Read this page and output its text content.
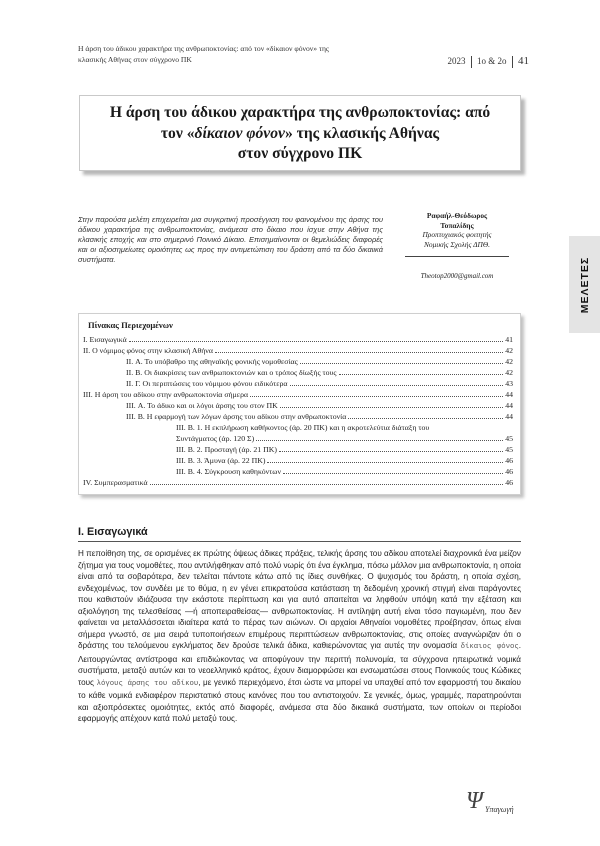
Η άρση του άδικου χαρακτήρα της ανθρωποκτονίας: από τον «δίκαιον φόνον» της κλασικής Αθήνας στον σύγχρονο ΠΚ	2023 1ο & 2ο 41
Η άρση του άδικου χαρακτήρα της ανθρωποκτονίας: από
τον «δίκαιον φόνον» της κλασικής Αθήνας
στον σύγχρονο ΠΚ
Στην παρούσα μελέτη επιχειρείται μια συγκριτική προσέγγιση του φαινομένου της άρσης του άδικου χαρακτήρα της ανθρωποκτονίας, ανάμεσα στο δίκαιο που ίσχυε στην Αθήνα της κλασικής εποχής και στο σημερινό Ποινικό Δίκαιο. Επισημαίνονται οι θεμελιώδεις διαφορές και οι αξιοσημείωτες ομοιότητες ως προς την αντιμετώπιση του δράστη από τα δύο δικαιικά συστήματα.
Ραφαήλ-Θεόδωρος
Τοπαλίδης
Προπτυχιακός φοιτητής
Νομικής Σχολής ΔΠΘ.
Theotop2000@gmail.com	ΜΕΛΕΤΕΣ
Πίνακας Περιεχομένων
I. Εισαγωγικά	41
II. Ο νόμιμος φόνος στην κλασική Αθήνα	42
II. Α. Το υπόβαθρο της αθηναϊκής φονικής νομοθεσίας	42
II. Β. Οι διακρίσεις των ανθρωποκτονιών και ο τρόπος δίωξής τους	42
II. Γ. Οι περιπτώσεις του νόμιμου φόνου ειδικότερα	43
III. Η άρση του αδίκου στην ανθρωποκτονία σήμερα	44
III. Α. Το άδικο και οι λόγοι άρσης του στον ΠΚ	44
III. Β. Η εφαρμογή των λόγων άρσης του αδίκου στην ανθρωποκτονία	44
III. Β. 1. Η εκπλήρωση καθήκοντος (άρ. 20 ΠΚ) και η ακροτελεύτια διάταξη του
Συντάγματος (άρ. 120 Σ)	45
III. Β. 2. Προσταγή (άρ. 21 ΠΚ)	45
III. Β. 3. Άμυνα (άρ. 22 ΠΚ)	46
III. Β. 4. Σύγκρουση καθηκόντων	46
IV. Συμπερασματικά	46
I. Εισαγωγικά
Η πεποίθηση της, σε ορισμένες εκ πρώτης όψεως άδικες πράξεις, τελικής άρσης του αδίκου αποτελεί διαχρονικά ένα μείζον ζήτημα για τους νομοθέτες, που αντιλήφθηκαν από πολύ νωρίς ότι ένα έγκλημα, πόσω μάλλον μια ανθρωποκτονία, η οποία είναι από τα σοβαρότερα, δεν τελείται πάντοτε κάτω από τις ίδιες συνθήκες. Ο ψυχισμός του δράστη, η οποία σχέση, ενδεχομένως, τον συνδέει με το θύμα, η εν γένει επικρατούσα κατάσταση τη δεδομένη χρονική στιγμή είναι παράγοντες που καθιστούν ιδιάζουσα την εκάστοτε περίπτωση και για αυτό απαιτείται να ληφθούν υπόψη κατά την εξέταση και αξιολόγηση της τελεσθείσας —ή αποπειραθείσας— ανθρωποκτονίας. Η αντίληψη αυτή είναι τόσο παγιωμένη, που δεν φαίνεται να μεταλλάσσεται ιδιαίτερα κατά το πέρας των αιώνων. Οι αρχαίοι Αθηναίοι νομοθέτες προέβησαν, όπως είναι σήμερα γνωστό, σε μια σειρά τυποποιήσεων επιμέρους περιπτώσεων ανθρωποκτονίας, στις οποίες αναγνώριζαν ότι ο δράστης του τελούμενου εγκλήματος δεν δρούσε τελικά άδικα, καθιερώνοντας για αυτές την ονομασία δίκαιος φόνος. Λειτουργώντας αντίστροφα και επιδιώκοντας να αποφύγουν την περιττή πολυνομία, τα σύγχρονα ηπειρωτικά νομικά συστήματα, μεταξύ αυτών και το νεοελληνικό κράτος, έχουν διαμορφώσει και ενσωματώσει στους Ποινικούς τους Κώδικες τους λόγους άρσης του αδίκου, με γενικό περιεχόμενο, έτσι ώστε να μπορεί να υπαχθεί από τον εφαρμοστή του δικαίου το κάθε νομικά ενδιαφέρον περιστατικό στους κανόνες που του αντιστοιχούν. Σε γενικές, όμως, γραμμές, παρατηρούνται και αξιοπρόσεκτες ομοιότητες, εκτός από διαφορές, ανάμεσα στα δύο δικαιικά συστήματα, των οποίων οι περίοδοι εφαρμογής απέχουν κατά πολύ μεταξύ τους.
Ψ Υπαγωγή
